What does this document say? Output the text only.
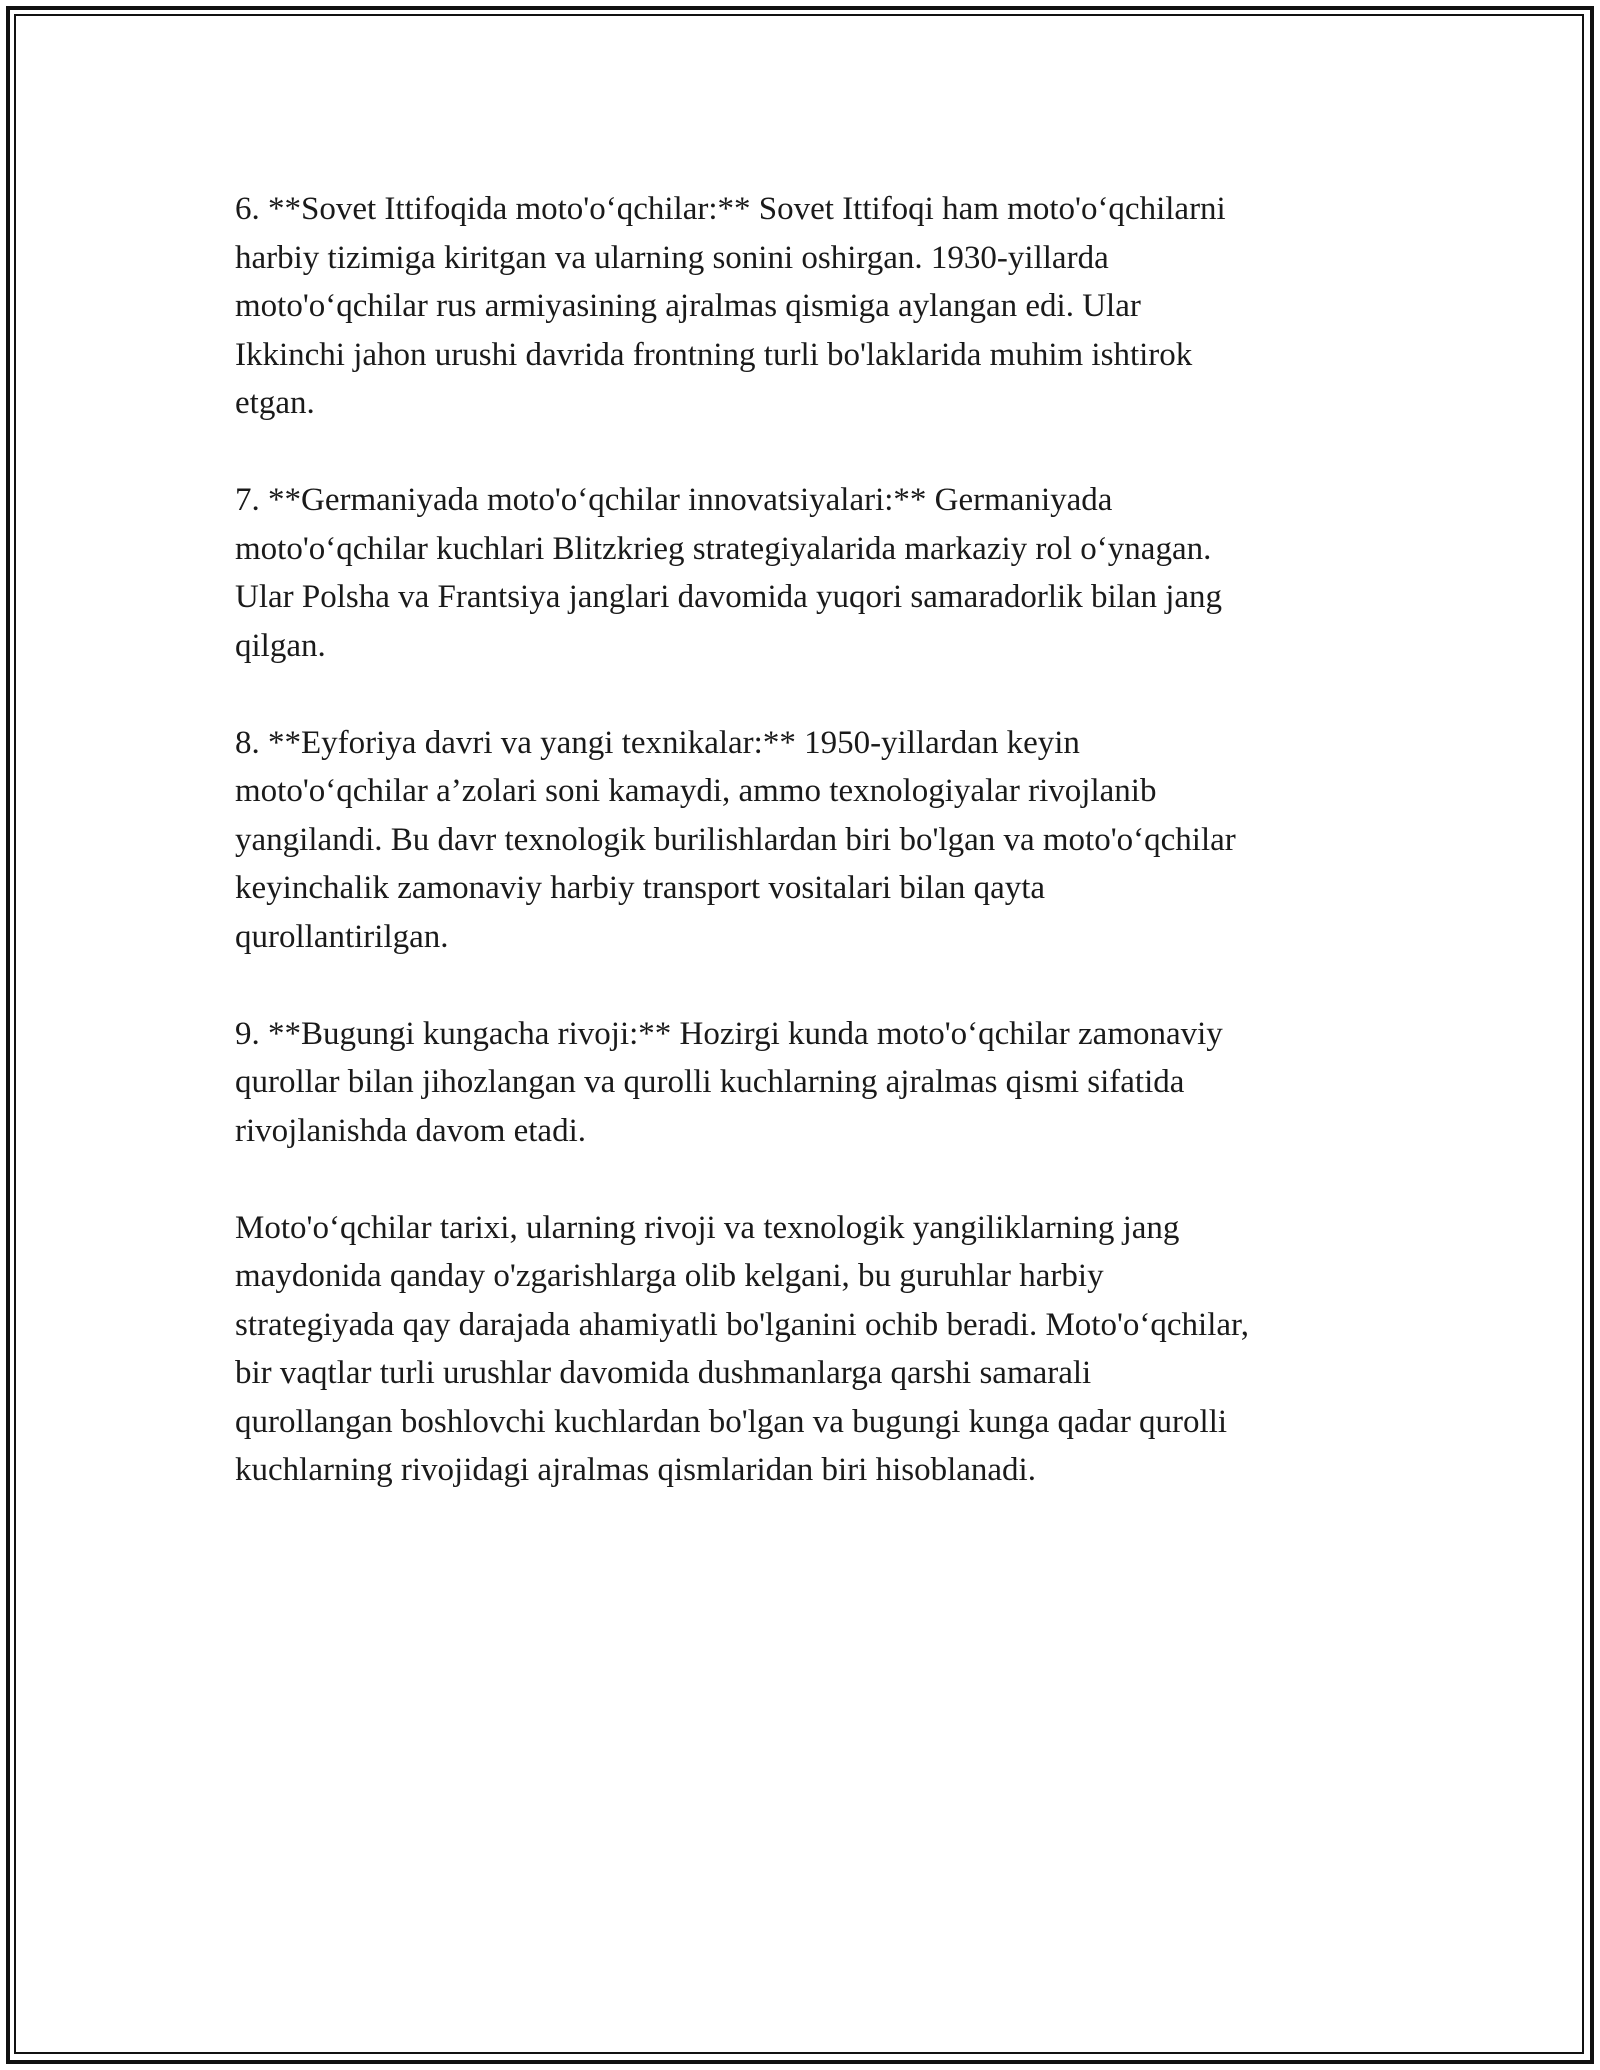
6. **Sovet Ittifoqida moto'o‘qchilar:** Sovet Ittifoqi ham moto'o‘qchilarni
harbiy tizimiga kiritgan va ularning sonini oshirgan. 1930-yillarda
moto'o‘qchilar rus armiyasining ajralmas qismiga aylangan edi. Ular
Ikkinchi jahon urushi davrida frontning turli bo'laklarida muhim ishtirok
etgan.

7. **Germaniyada moto'o‘qchilar innovatsiyalari:** Germaniyada
moto'o‘qchilar kuchlari Blitzkrieg strategiyalarida markaziy rol o‘ynagan.
Ular Polsha va Frantsiya janglari davomida yuqori samaradorlik bilan jang
qilgan.

8. **Eyforiya davri va yangi texnikalar:** 1950-yillardan keyin
moto'o‘qchilar a’zolari soni kamaydi, ammo texnologiyalar rivojlanib
yangilandi. Bu davr texnologik burilishlardan biri bo'lgan va moto'o‘qchilar
keyinchalik zamonaviy harbiy transport vositalari bilan qayta
qurollantirilgan.

9. **Bugungi kungacha rivoji:** Hozirgi kunda moto'o‘qchilar zamonaviy
qurollar bilan jihozlangan va qurolli kuchlarning ajralmas qismi sifatida
rivojlanishda davom etadi.

Moto'o‘qchilar tarixi, ularning rivoji va texnologik yangiliklarning jang
maydonida qanday o'zgarishlarga olib kelgani, bu guruhlar harbiy
strategiyada qay darajada ahamiyatli bo'lganini ochib beradi. Moto'o‘qchilar,
bir vaqtlar turli urushlar davomida dushmanlarga qarshi samarali
qurollangan boshlovchi kuchlardan bo'lgan va bugungi kunga qadar qurolli
kuchlarning rivojidagi ajralmas qismlaridan biri hisoblanadi.
